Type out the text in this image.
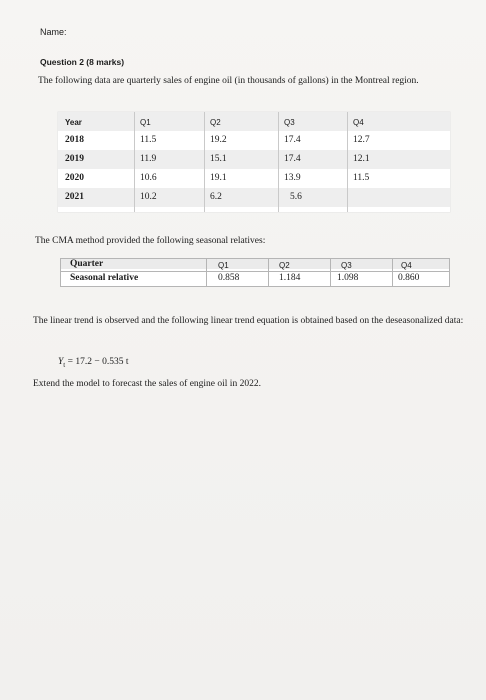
Name:
Question 2 (8 marks)
The following data are quarterly sales of engine oil (in thousands of gallons) in the Montreal region.
Year	Q1	Q2	Q3	Q4
2018	11.5	19.2	17.4	12.7
2019	11.9	15.1	17.4	12.1
2020	10.6	19.1	13.9	11.5
2021	10.2	6.2	5.6
The CMA method provided the following seasonal relatives:
Quarter	Q1	Q2	Q3	Q4
Seasonal relative	0.858	1.184	1.098	0.860
The linear trend is observed and the following linear trend equation is obtained based on the deseasonalized data:
$Y_t = 17.2 - 0.535$ t
Extend the model to forecast the sales of engine oil in 2022.
